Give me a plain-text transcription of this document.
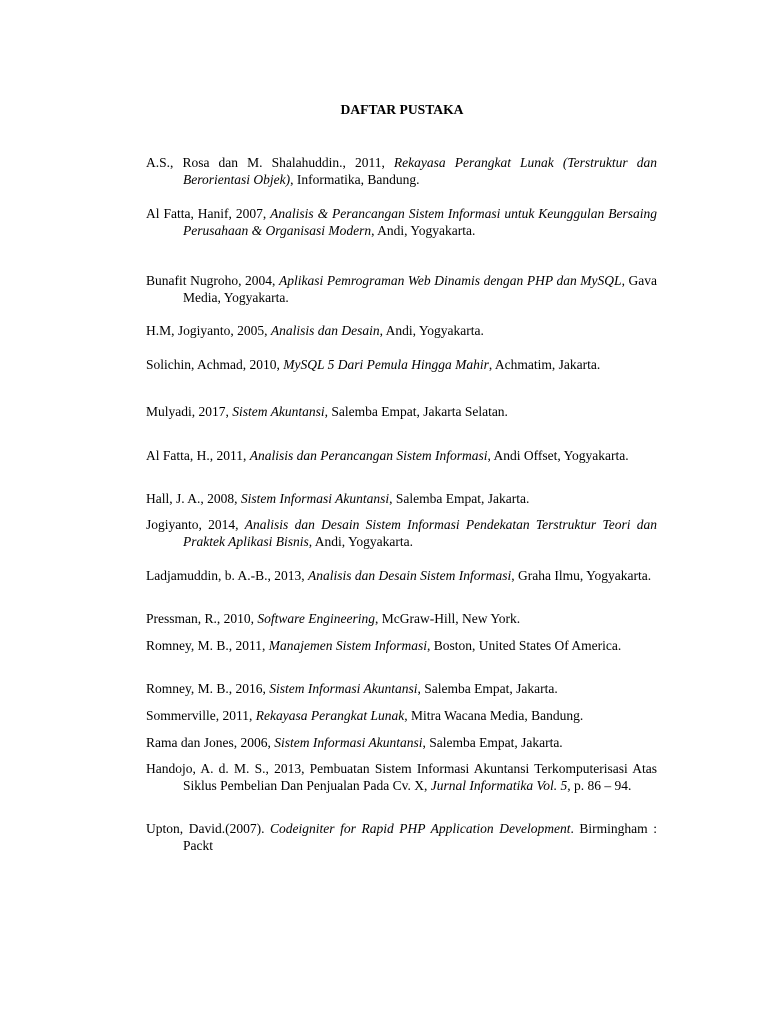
DAFTAR PUSTAKA
A.S., Rosa dan M. Shalahuddin., 2011, Rekayasa Perangkat Lunak (Terstruktur dan Berorientasi Objek), Informatika, Bandung.
Al Fatta, Hanif, 2007, Analisis & Perancangan Sistem Informasi untuk Keunggulan Bersaing Perusahaan & Organisasi Modern, Andi, Yogyakarta.
Bunafit Nugroho, 2004, Aplikasi Pemrograman Web Dinamis dengan PHP dan MySQL, Gava Media, Yogyakarta.
H.M, Jogiyanto, 2005, Analisis dan Desain, Andi, Yogyakarta.
Solichin, Achmad, 2010, MySQL 5 Dari Pemula Hingga Mahir, Achmatim, Jakarta.
Mulyadi, 2017, Sistem Akuntansi, Salemba Empat, Jakarta Selatan.
Al Fatta, H., 2011, Analisis dan Perancangan Sistem Informasi, Andi Offset, Yogyakarta.
Hall, J. A., 2008, Sistem Informasi Akuntansi, Salemba Empat, Jakarta.
Jogiyanto, 2014, Analisis dan Desain Sistem Informasi Pendekatan Terstruktur Teori dan Praktek Aplikasi Bisnis, Andi, Yogyakarta.
Ladjamuddin, b. A.-B., 2013, Analisis dan Desain Sistem Informasi, Graha Ilmu, Yogyakarta.
Pressman, R., 2010, Software Engineering, McGraw-Hill, New York.
Romney, M. B., 2011, Manajemen Sistem Informasi, Boston, United States Of America.
Romney, M. B., 2016, Sistem Informasi Akuntansi, Salemba Empat, Jakarta.
Sommerville, 2011, Rekayasa Perangkat Lunak, Mitra Wacana Media, Bandung.
Rama dan Jones, 2006, Sistem Informasi Akuntansi, Salemba Empat, Jakarta.
Handojo, A. d. M. S., 2013, Pembuatan Sistem Informasi Akuntansi Terkomputerisasi Atas Siklus Pembelian Dan Penjualan Pada Cv. X, Jurnal Informatika Vol. 5, p. 86 – 94.
Upton, David.(2007). Codeigniter for Rapid PHP Application Development. Birmingham : Packt
